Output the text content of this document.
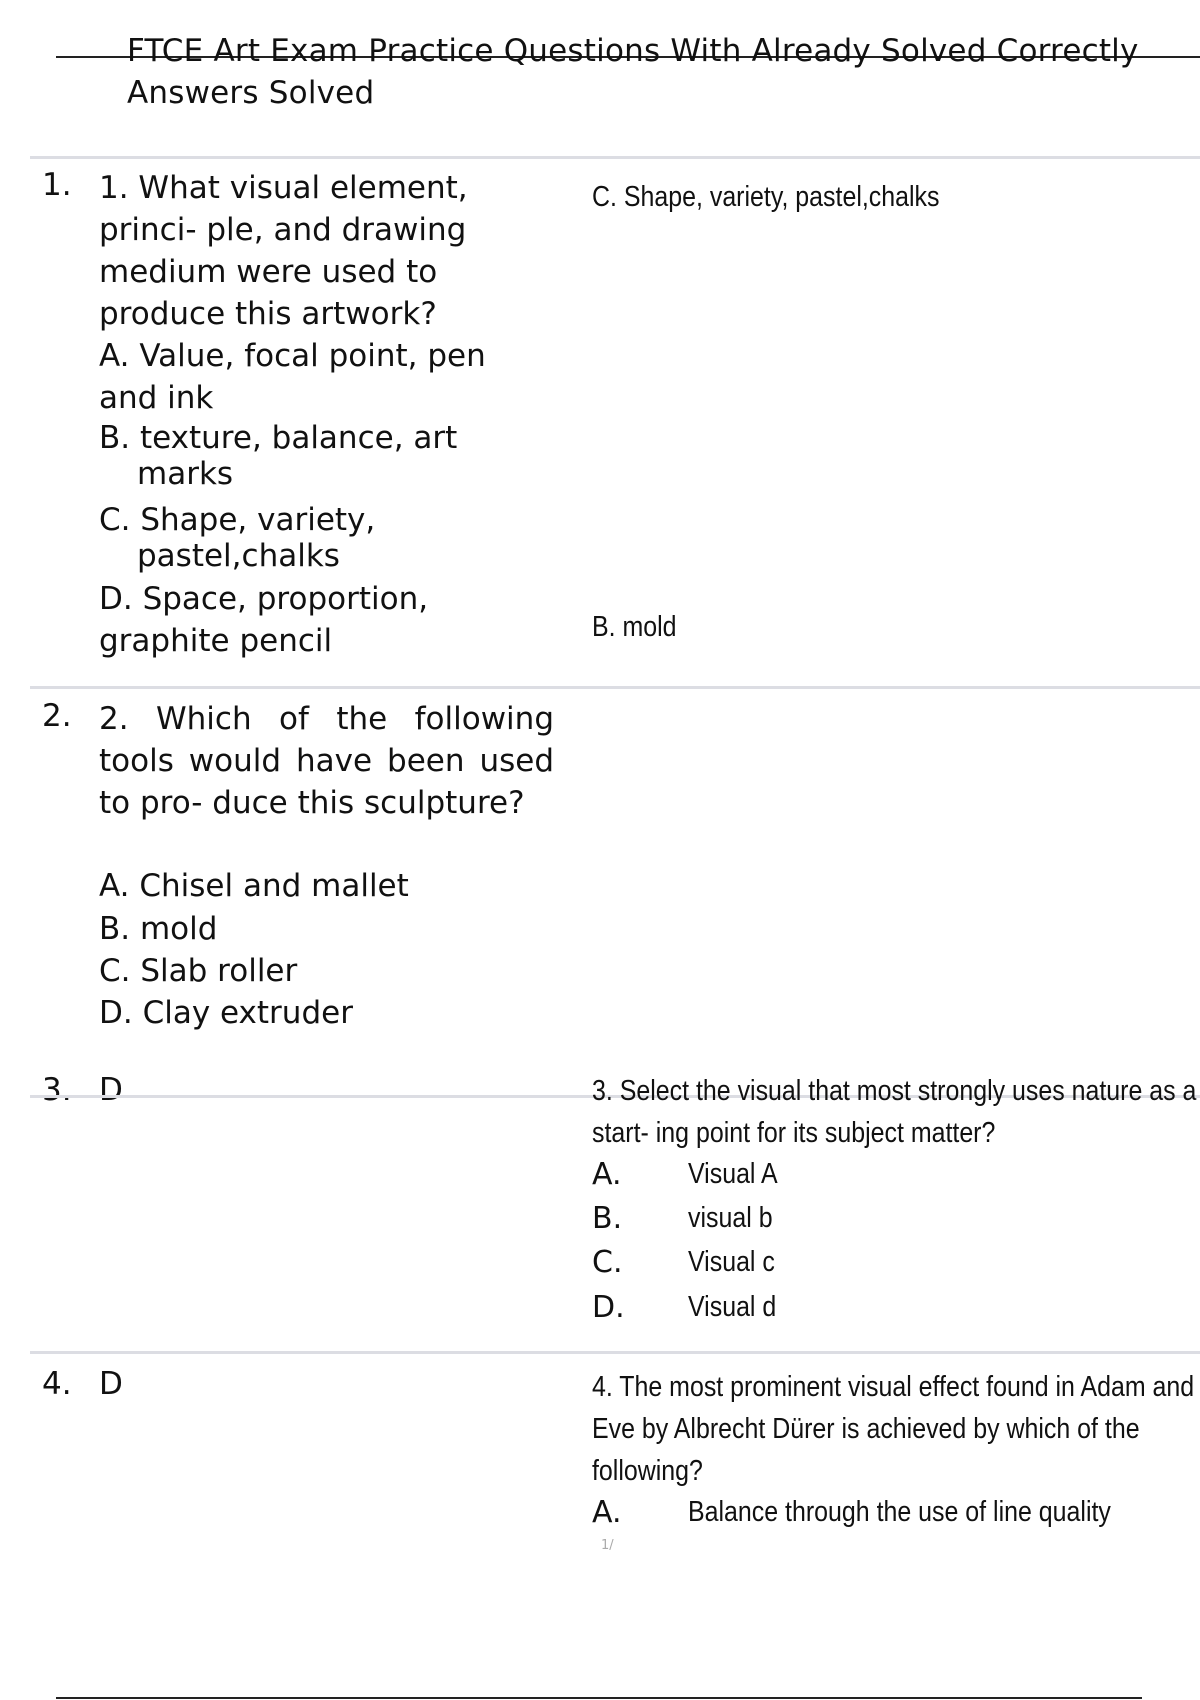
FTCE Art Exam Practice Questions With Already Solved Correctly
Answers Solved
1. 1. What visual element, princi- ple, and drawing medium were used to produce this artwork?
A. Value, focal point, pen and ink
B. texture, balance, art marks
C. Shape, variety, pastel,chalks
D. Space, proportion, graphite pencil
C. Shape, variety, pastel,chalks
2. 2. Which of the following tools would have been used to pro- duce this sculpture?
A. Chisel and mallet
B. mold
C. Slab roller
D. Clay extruder
B. mold
3. D	3. Select the visual that most strongly uses nature as a
start- ing point for its subject matter?
A. Visual A
B. visual b
C. Visual c
D. Visual d
4. D	4. The most prominent visual effect found in Adam and
Eve by Albrecht Dürer is achieved by which of the
following?
A. Balance through the use of line quality
1/
